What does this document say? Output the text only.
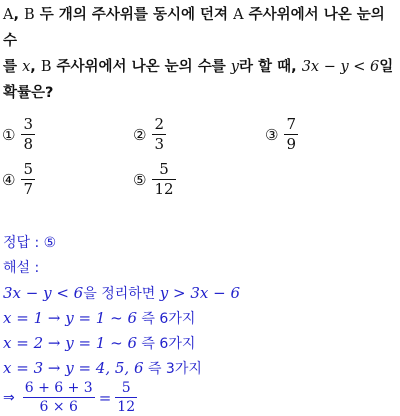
A, B 두 개의 주사위를 동시에 던져 A 주사위에서 나온 눈의 수
를 x, B 주사위에서 나온 눈의 수를 y라 할 때, 3x − y < 6일
확률은?
① $\frac{3}{8}$	② $\frac{2}{3}$	③ $\frac{7}{9}$
④ $\frac{5}{7}$	⑤ $\frac{5}{12}$
정답 : ⑤
해설 :
3x − y < 6을 정리하면 y > 3x − 6
x = 1 → y = 1 ~ 6 즉 6가지
x = 2 → y = 1 ~ 6 즉 6가지
x = 3 → y = 4, 5, 6 즉 3가지
⇒ $\frac{6 + 6 + 3}{6 \times 6} = \frac{5}{12}$
